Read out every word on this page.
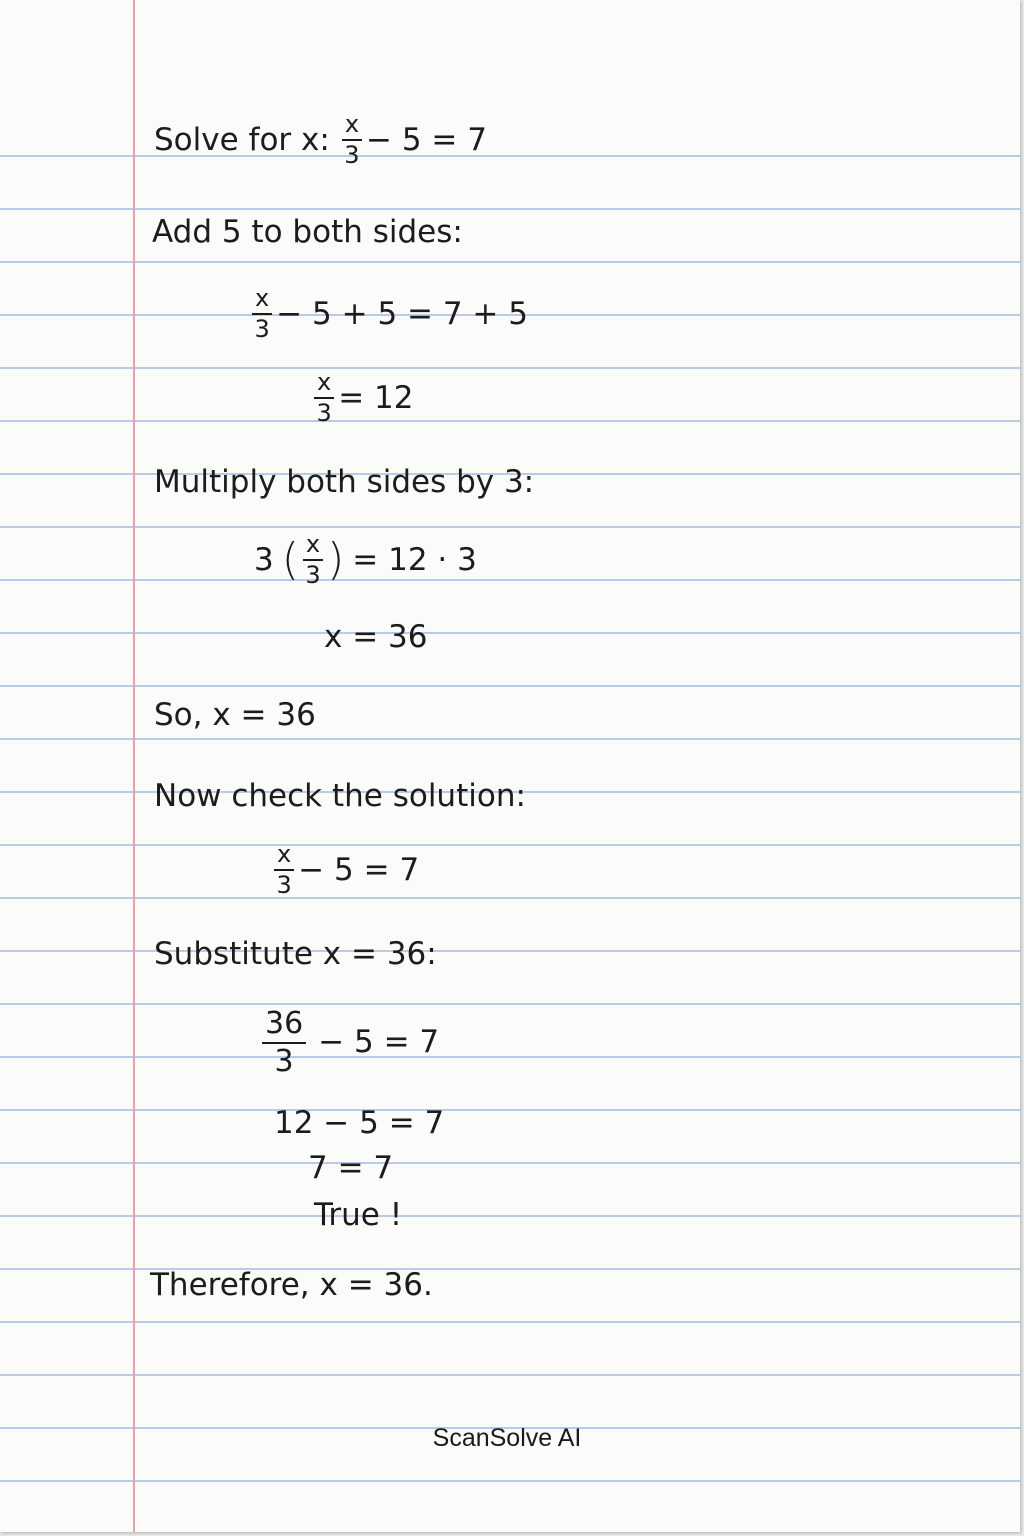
Solve for x: $\frac{x}{3} - 5 = 7$
Add 5 to both sides:
$\frac{x}{3} - 5 + 5 = 7 + 5$
$\frac{x}{3} = 12$
Multiply both sides by 3:
3 ( $\frac{x}{3}$ ) = 12 · 3
x = 36
So, x = 36
Now check the solution:
$\frac{x}{3} - 5 = 7$
Substitute x = 36:
$\frac{36}{3} - 5 = 7$
12 − 5 = 7
7 = 7
True !
Therefore, x = 36.
ScanSolve AI
